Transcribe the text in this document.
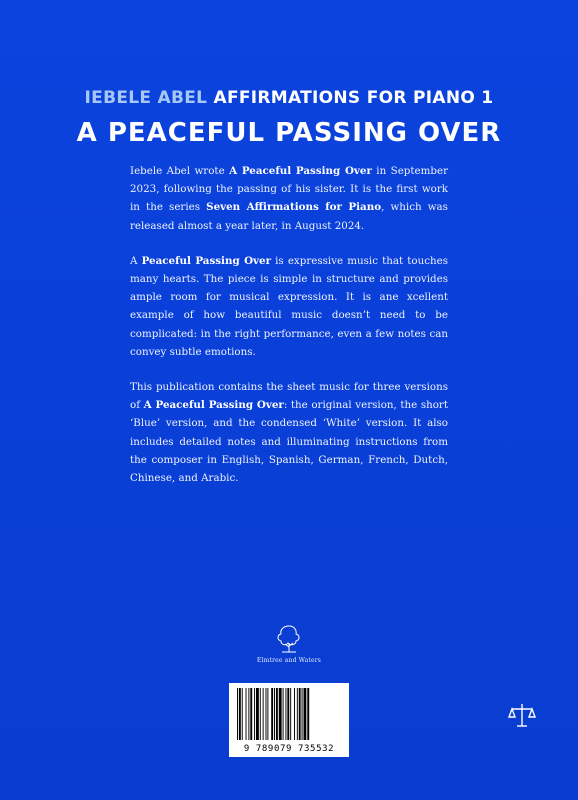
IEBELE ABEL AFFIRMATIONS FOR PIANO 1
A PEACEFUL PASSING OVER

Iebele Abel wrote A Peaceful Passing Over in September 2023, following the passing of his sister. It is the first work in the series Seven Affirmations for Piano, which was released almost a year later, in August 2024.

A Peaceful Passing Over is expressive music that touches many hearts. The piece is simple in structure and provides ample room for musical expression. It is ane xcellent example of how beautiful music doesn’t need to be complicated: in the right performance, even a few notes can convey subtle emotions.

This publication contains the sheet music for three versions of A Peaceful Passing Over: the original version, the short ‘Blue’ version, and the condensed ‘White’ version. It also includes detailed notes and illuminating instructions from the composer in English, Spanish, German, French, Dutch, Chinese, and Arabic.

Elmtree and Waters
9 789079 735532
